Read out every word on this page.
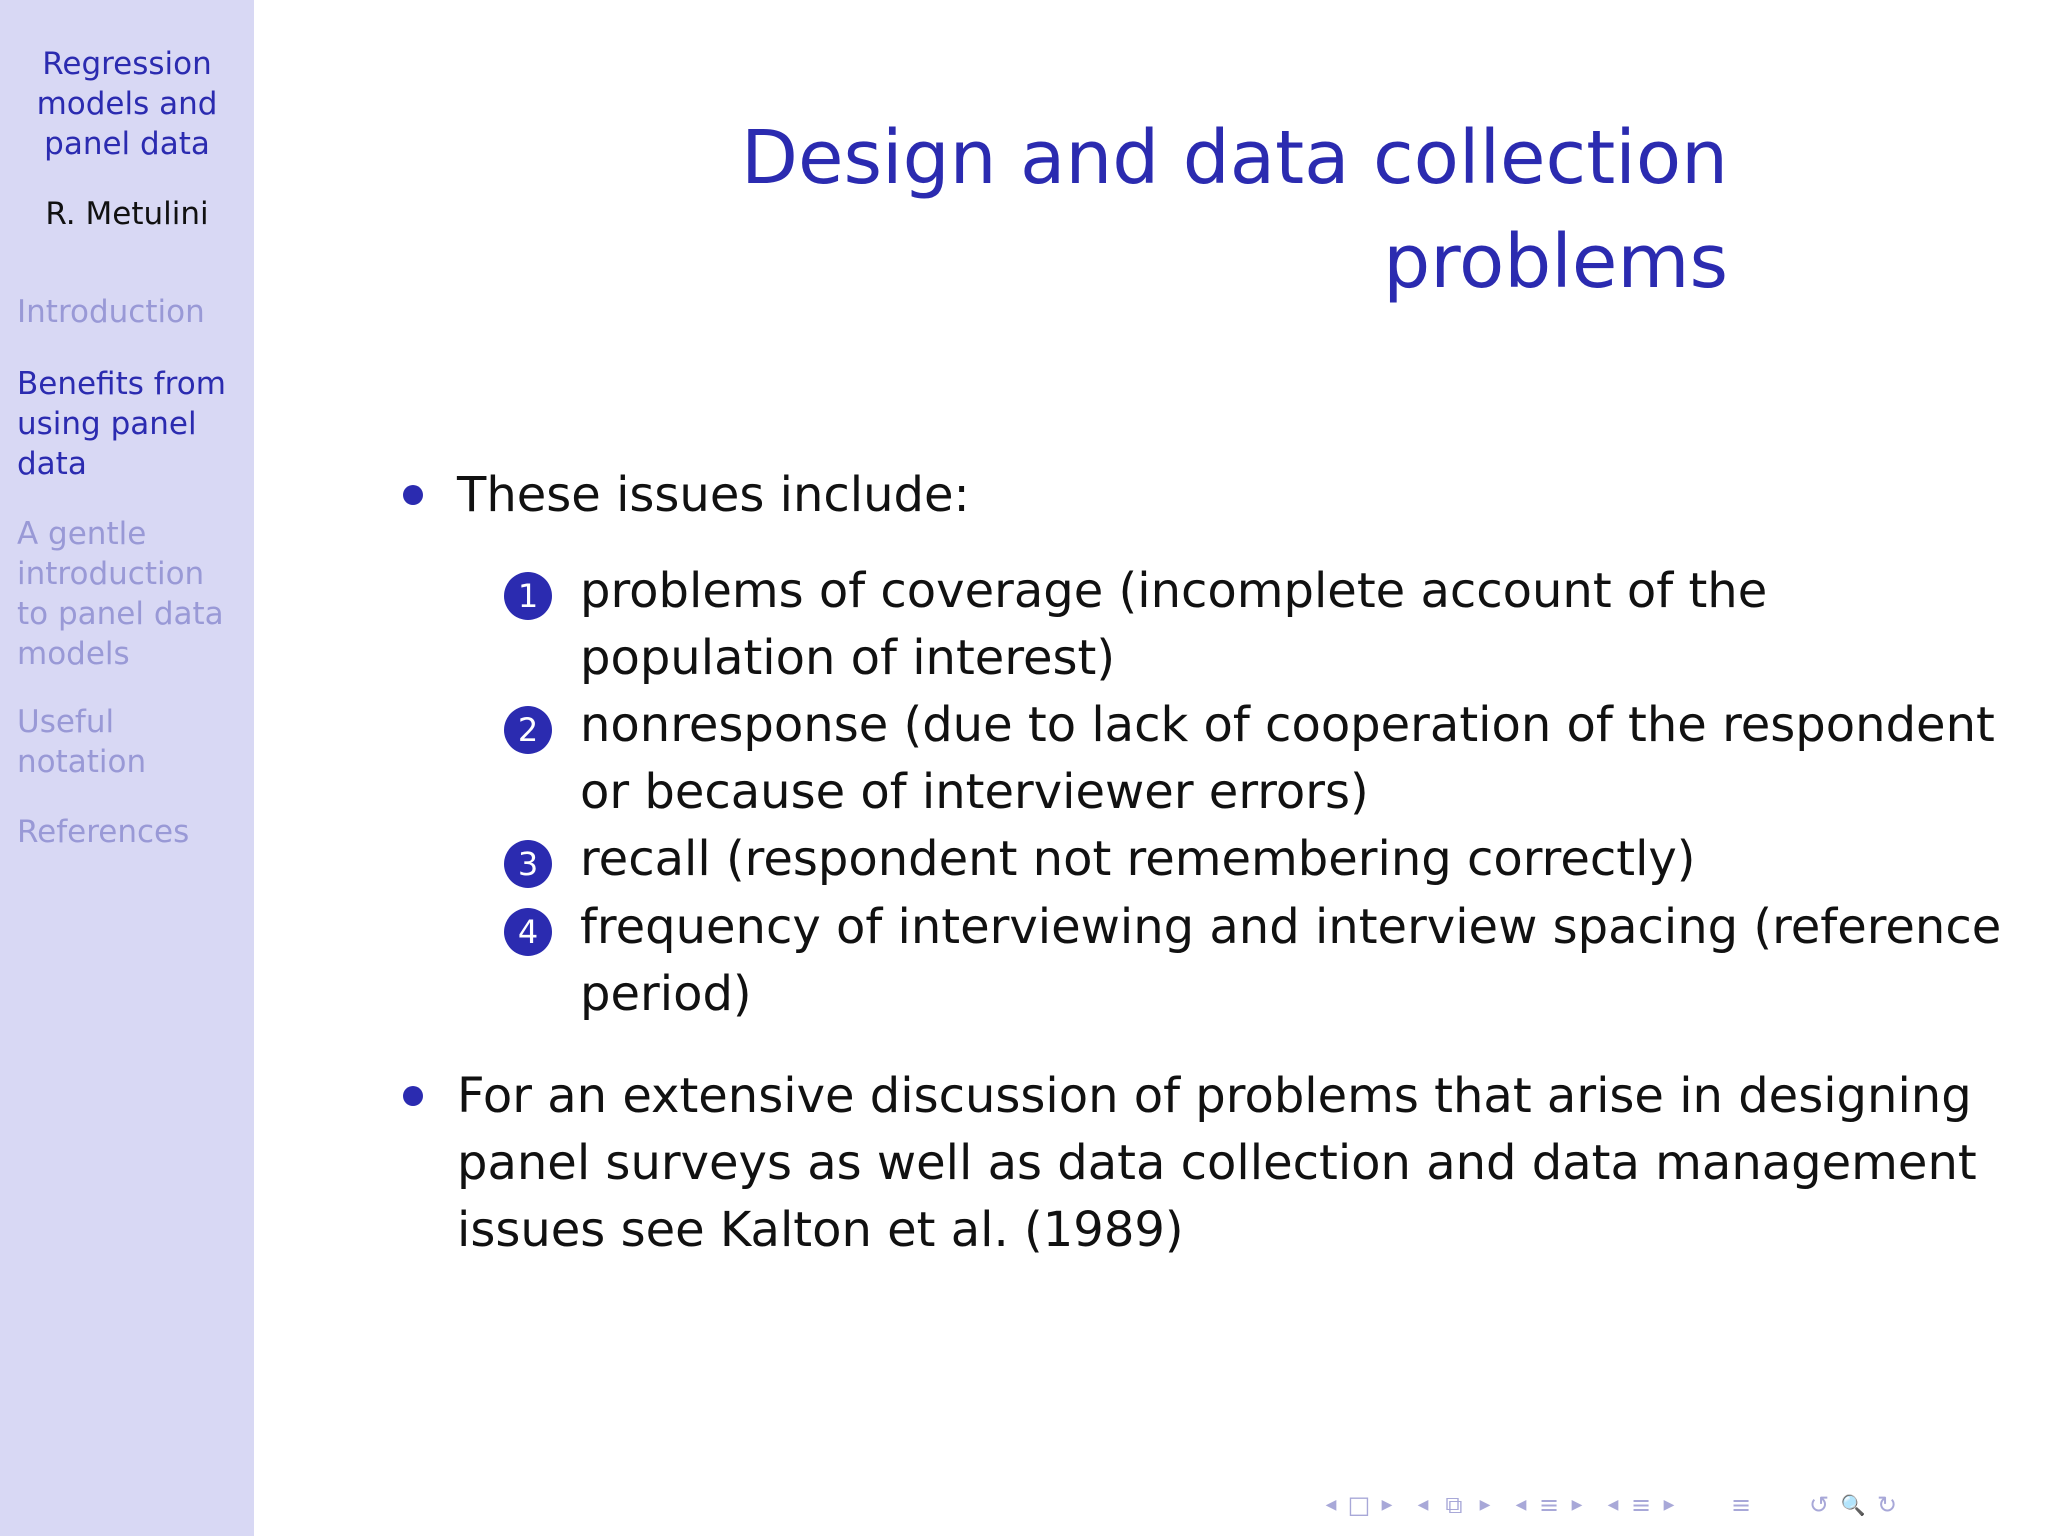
Regression
models and
panel data
R. Metulini
Introduction
Benefits from
using panel
data
A gentle
introduction
to panel data
models
Useful
notation
References
Design and data collection
problems
These issues include:
1 problems of coverage (incomplete account of the
population of interest)
2 nonresponse (due to lack of cooperation of the respondent
or because of interviewer errors)
3 recall (respondent not remembering correctly)
4 frequency of interviewing and interview spacing (reference
period)
For an extensive discussion of problems that arise in designing
panel surveys as well as data collection and data management
issues see Kalton et al. (1989)
◀ □ ▶	◀ ⧉	▶	◀ ≡ ▶	◀ ≡ ▶ ≡ ↺ 🔍 ↻
